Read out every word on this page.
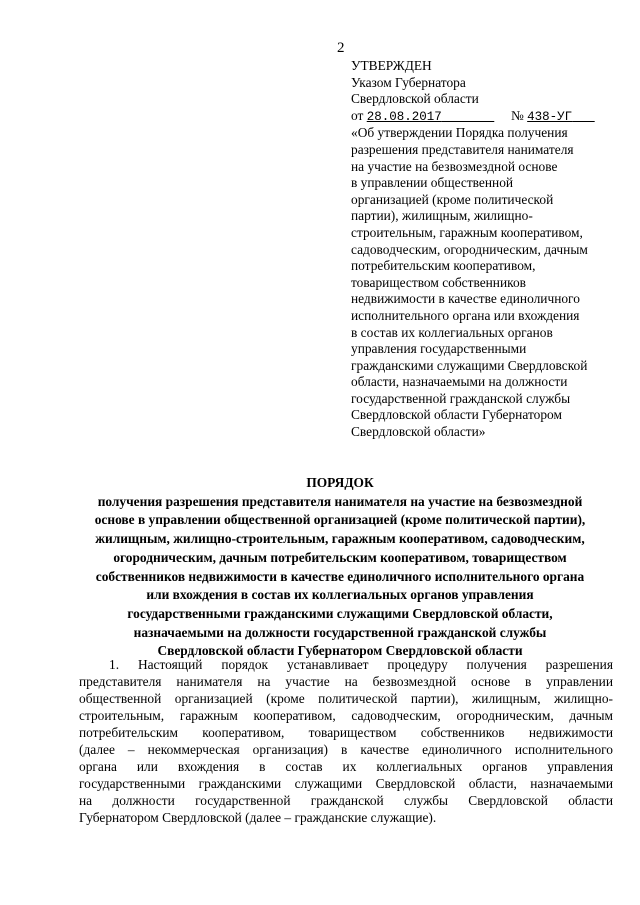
2
УТВЕРЖДЕН
Указом Губернатора
Свердловской области
от 28.08.2017	№ 438-УГ
«Об утверждении Порядка получения
разрешения представителя нанимателя
на участие на безвозмездной основе
в управлении общественной
организацией (кроме политической
партии), жилищным, жилищно-
строительным, гаражным кооперативом,
садоводческим, огородническим, дачным
потребительским кооперативом,
товариществом собственников
недвижимости в качестве единоличного
исполнительного органа или вхождения
в состав их коллегиальных органов
управления государственными
гражданскими служащими Свердловской
области, назначаемыми на должности
государственной гражданской службы
Свердловской области Губернатором
Свердловской области»
ПОРЯДОК
получения разрешения представителя нанимателя на участие на безвозмездной
основе в управлении общественной организацией (кроме политической партии),
жилищным, жилищно-строительным, гаражным кооперативом, садоводческим,
огородническим, дачным потребительским кооперативом, товариществом
собственников недвижимости в качестве единоличного исполнительного органа
или вхождения в состав их коллегиальных органов управления
государственными гражданскими служащими Свердловской области,
назначаемыми на должности государственной гражданской службы
Свердловской области Губернатором Свердловской области
1. Настоящий порядок устанавливает процедуру получения разрешения
представителя нанимателя на участие на безвозмездной основе в управлении
общественной организацией (кроме политической партии), жилищным, жилищно-
строительным, гаражным кооперативом, садоводческим, огородническим, дачным
потребительским кооперативом, товариществом собственников недвижимости
(далее – некоммерческая организация) в качестве единоличного исполнительного
органа или вхождения в состав их коллегиальных органов управления
государственными гражданскими служащими Свердловской области, назначаемыми
на должности государственной гражданской службы Свердловской области
Губернатором Свердловской (далее – гражданские служащие).
